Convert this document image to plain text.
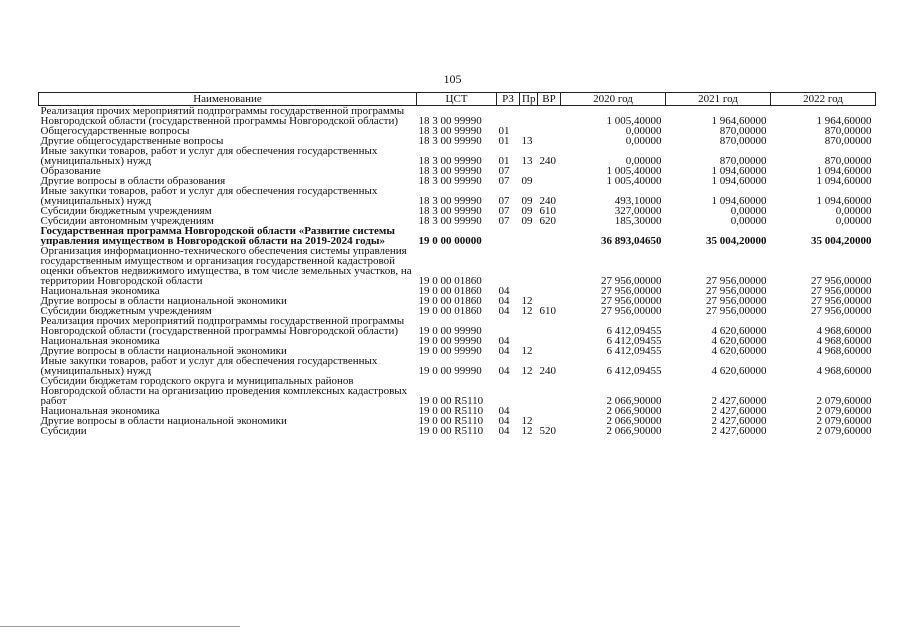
105
Наименование	ЦСТ	РЗ	Пр	ВР	2020 год	2021 год	2022 год
Реализация прочих мероприятий подпрограммы государственной программы Новгородской области (государственной программы Новгородской области)	18 3 00 99990				1 005,40000	1 964,60000	1 964,60000
Общегосударственные вопросы	18 3 00 99990	01			0,00000	870,00000	870,00000
Другие общегосударственные вопросы	18 3 00 99990	01	13		0,00000	870,00000	870,00000
Иные закупки товаров, работ и услуг для обеспечения государственных (муниципальных) нужд	18 3 00 99990	01	13	240	0,00000	870,00000	870,00000
Образование	18 3 00 99990	07			1 005,40000	1 094,60000	1 094,60000
Другие вопросы в области образования	18 3 00 99990	07	09		1 005,40000	1 094,60000	1 094,60000
Иные закупки товаров, работ и услуг для обеспечения государственных (муниципальных) нужд	18 3 00 99990	07	09	240	493,10000	1 094,60000	1 094,60000
Субсидии бюджетным учреждениям	18 3 00 99990	07	09	610	327,00000	0,00000	0,00000
Субсидии автономным учреждениям	18 3 00 99990	07	09	620	185,30000	0,00000	0,00000
Государственная программа Новгородской области «Развитие системы управления имуществом в Новгородской области на 2019-2024 годы»	19 0 00 00000				36 893,04650	35 004,20000	35 004,20000
Организация информационно-технического обеспечения системы управления государственным имуществом и организация государственной кадастровой оценки объектов недвижимого имущества, в том числе земельных участков, на территории Новгородской области	19 0 00 01860				27 956,00000	27 956,00000	27 956,00000
Национальная экономика	19 0 00 01860	04			27 956,00000	27 956,00000	27 956,00000
Другие вопросы в области национальной экономики	19 0 00 01860	04	12		27 956,00000	27 956,00000	27 956,00000
Субсидии бюджетным учреждениям	19 0 00 01860	04	12	610	27 956,00000	27 956,00000	27 956,00000
Реализация прочих мероприятий подпрограммы государственной программы Новгородской области (государственной программы Новгородской области)	19 0 00 99990				6 412,09455	4 620,60000	4 968,60000
Национальная экономика	19 0 00 99990	04			6 412,09455	4 620,60000	4 968,60000
Другие вопросы в области национальной экономики	19 0 00 99990	04	12		6 412,09455	4 620,60000	4 968,60000
Иные закупки товаров, работ и услуг для обеспечения государственных (муниципальных) нужд	19 0 00 99990	04	12	240	6 412,09455	4 620,60000	4 968,60000
Субсидии бюджетам городского округа и муниципальных районов Новгородской области на организацию проведения комплексных кадастровых работ	19 0 00 R5110				2 066,90000	2 427,60000	2 079,60000
Национальная экономика	19 0 00 R5110	04			2 066,90000	2 427,60000	2 079,60000
Другие вопросы в области национальной экономики	19 0 00 R5110	04	12		2 066,90000	2 427,60000	2 079,60000
Субсидии	19 0 00 R5110	04	12	520	2 066,90000	2 427,60000	2 079,60000
